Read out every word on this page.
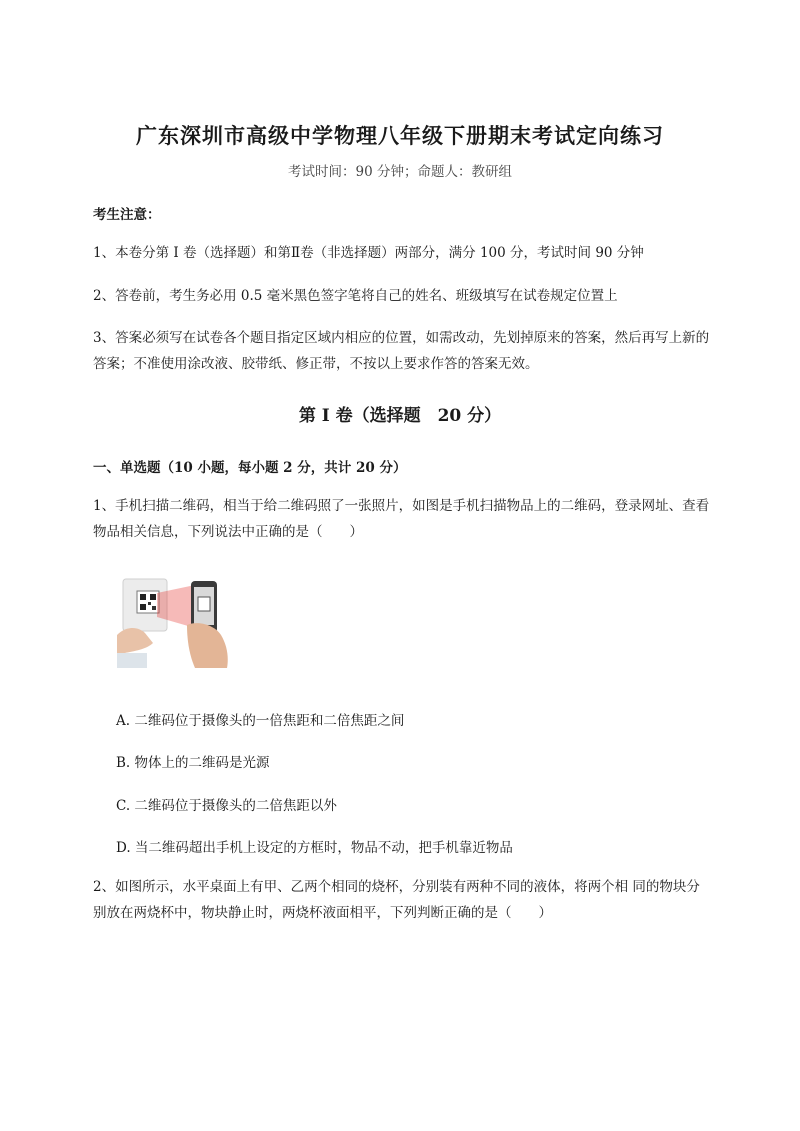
广东深圳市高级中学物理八年级下册期末考试定向练习
考试时间：90 分钟；命题人：教研组
考生注意：
1、本卷分第 I 卷（选择题）和第Ⅱ卷（非选择题）两部分，满分 100 分，考试时间 90 分钟
2、答卷前，考生务必用 0.5 毫米黑色签字笔将自己的姓名、班级填写在试卷规定位置上
3、答案必须写在试卷各个题目指定区域内相应的位置，如需改动，先划掉原来的答案，然后再写上新的答案；不准使用涂改液、胶带纸、修正带，不按以上要求作答的答案无效。
第 I 卷（选择题　20 分）
一、单选题（10 小题，每小题 2 分，共计 20 分）
1、手机扫描二维码，相当于给二维码照了一张照片，如图是手机扫描物品上的二维码，登录网址、查看物品相关信息，下列说法中正确的是（　　）
A. 二维码位于摄像头的一倍焦距和二倍焦距之间
B. 物体上的二维码是光源
C. 二维码位于摄像头的二倍焦距以外
D. 当二维码超出手机上设定的方框时，物品不动，把手机靠近物品
2、如图所示，水平桌面上有甲、乙两个相同的烧杯，分别装有两种不同的液体，将两个相 同的物块分别放在两烧杯中，物块静止时，两烧杯液面相平，下列判断正确的是（　　）
